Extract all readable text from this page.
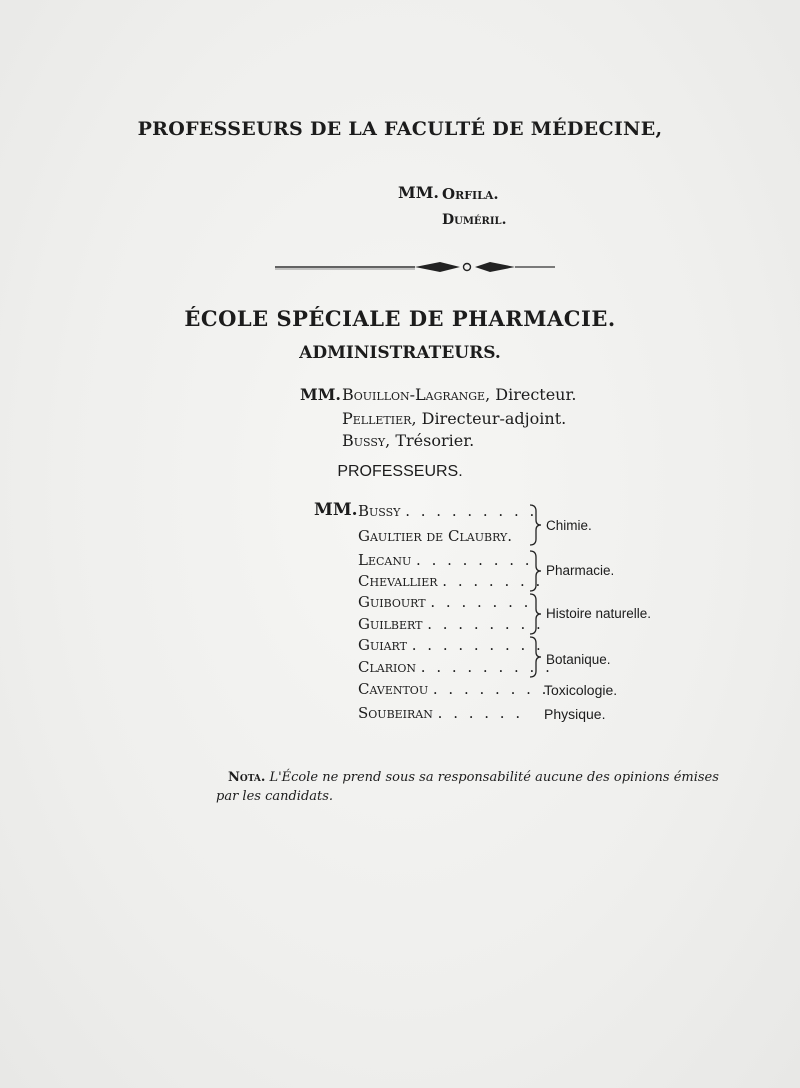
PROFESSEURS DE LA FACULTÉ DE MÉDECINE,
MM. Orfila.
Duméril.
ÉCOLE SPÉCIALE DE PHARMACIE.
ADMINISTRATEURS.
MM. Bouillon-Lagrange, Directeur.
Pelletier, Directeur-adjoint.
Bussy, Trésorier.
PROFESSEURS.
MM. Bussy . . . . . . . . .
Gaultier de Claubry.
Lecanu . . . . . . . .
Chevallier . . . . . . .
Guibourt . . . . . . .
Guilbert . . . . . . . .
Guiart . . . . . . . . .
Clarion . . . . . . . . .
Caventou . . . . . . . .
Soubeiran . . . . . .
Chimie.
Pharmacie.
Histoire naturelle.
Botanique.
Toxicologie.
Physique.
Nota. L'École ne prend sous sa responsabilité aucune des opinions émises par les candidats.
